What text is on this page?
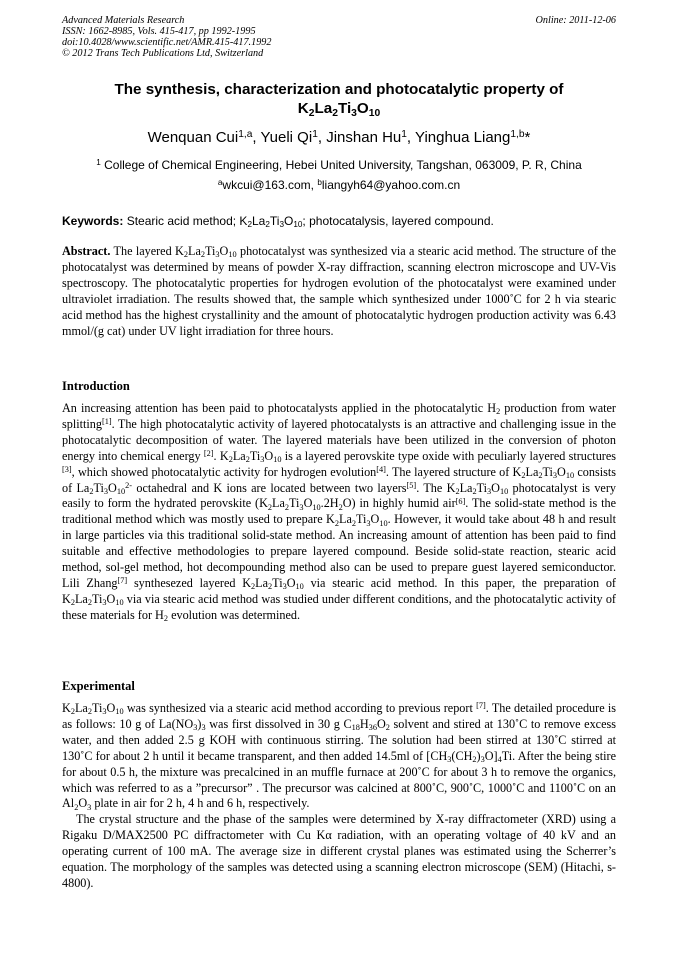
Advanced Materials Research
ISSN: 1662-8985, Vols. 415-417, pp 1992-1995
doi:10.4028/www.scientific.net/AMR.415-417.1992
© 2012 Trans Tech Publications Ltd, Switzerland
Online: 2011-12-06
The synthesis, characterization and photocatalytic property of
$K_2La_2Ti_3O_{10}$
Wenquan Cui$^{1,a}$, Yueli Qi$^1$, Jinshan Hu$^1$, Yinghua Liang$^{1,b}$*
$^1$ College of Chemical Engineering, Hebei United University, Tangshan, 063009, P. R, China
$^a$wkcui@163.com, $^b$liangyh64@yahoo.com.cn
Keywords: Stearic acid method; $K_2La_2Ti_3O_{10}$; photocatalysis, layered compound.

Abstract. The layered $K_2La_2Ti_3O_{10}$ photocatalyst was synthesized via a stearic acid method. The structure of the photocatalyst was determined by means of powder X-ray diffraction, scanning electron microscope and UV-Vis spectroscopy. The photocatalytic properties for hydrogen evolution of the photocatalyst were examined under ultraviolet irradiation. The results showed that, the sample which synthesized under 1000˚C for 2 h via stearic acid method has the highest crystallinity and the amount of photocatalytic hydrogen production activity was 6.43 mmol/(g cat) under UV light irradiation for three hours.

Introduction

An increasing attention has been paid to photocatalysts applied in the photocatalytic $H_2$ production from water splitting[1]. The high photocatalytic activity of layered photocatalysts is an attractive and challenging issue in the photocatalytic decomposition of water. The layered materials have been utilized in the conversion of photon energy into chemical energy [2]. $K_2La_2Ti_3O_{10}$ is a layered perovskite type oxide with peculiarly layered structures [3], which showed photocatalytic activity for hydrogen evolution[4]. The layered structure of $K_2La_2Ti_3O_{10}$ consists of $La_2Ti_3O_{10}^{2-}$ octahedral and K ions are located between two layers[5]. The $K_2La_2Ti_3O_{10}$ photocatalyst is very easily to form the hydrated perovskite $(K_2La_2Ti_3O_{10}.2H_2O)$ in highly humid air[6]. The solid-state method is the traditional method which was mostly used to prepare $K_2La_2Ti_3O_{10}$. However, it would take about 48 h and result in large particles via this traditional solid-state method. An increasing amount of attention has been paid to find suitable and effective methodologies to prepare layered compound. Beside solid-state reaction, stearic acid method, sol-gel method, hot decompounding method also can be used to prepare guest layered semiconductor. Lili Zhang[7] synthesezed layered $K_2La_2Ti_3O_{10}$ via stearic acid method. In this paper, the preparation of $K_2La_2Ti_3O_{10}$ via via stearic acid method was studied under different conditions, and the photocatalytic activity of these materials for $H_2$ evolution was determined.

Experimental

$K_2La_2Ti_3O_{10}$ was synthesized via a stearic acid method according to previous report [7]. The detailed procedure is as follows: 10 g of $La(NO_3)_3$ was first dissolved in 30 g $C_{18}H_{36}O_2$ solvent and stired at 130˚C to remove excess water, and then added 2.5 g KOH with continuous stirring. The solution had been stirred at 130˚C stirred at 130˚C for about 2 h until it became transparent, and then added 14.5ml of $[CH_3(CH_2)_3O]_4Ti$. After the being stire for about 0.5 h, the mixture was precalcined in an muffle furnace at 200˚C for about 3 h to remove the organics, which was referred to as a ”precursor” . The precursor was calcined at 800˚C, 900˚C, 1000˚C and 1100˚C on an $Al_2O_3$ plate in air for 2 h, 4 h and 6 h, respectively.

The crystal structure and the phase of the samples were determined by X-ray diffractometer (XRD) using a Rigaku D/MAX2500 PC diffractometer with Cu Kα radiation, with an operating voltage of 40 kV and an operating current of 100 mA. The average size in different crystal planes was estimated using the Scherrer’s equation. The morphology of the samples was detected using a scanning electron microscope (SEM) (Hitachi, s-4800).
